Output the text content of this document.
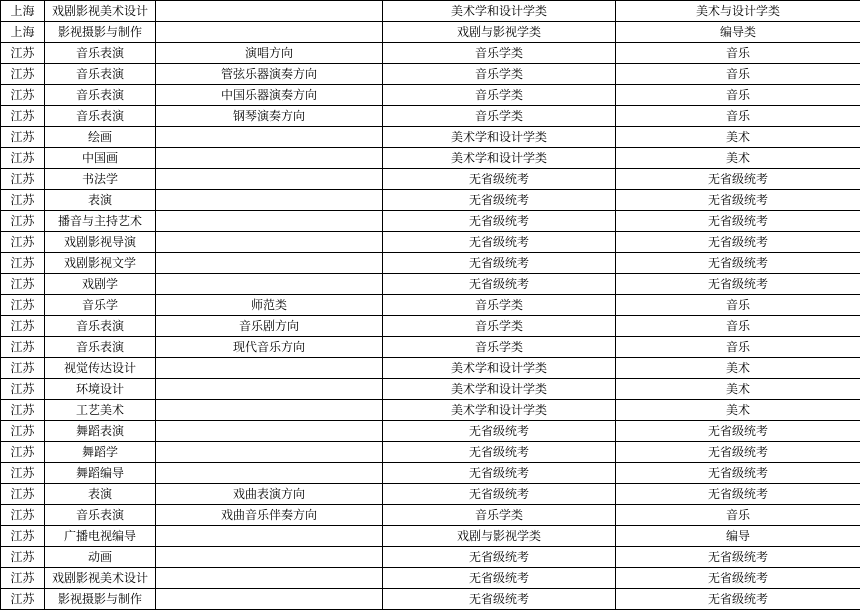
上海	戏剧影视美术设计		美术学和设计学类	美术与设计学类
上海	影视摄影与制作		戏剧与影视学类	编导类
江苏	音乐表演	演唱方向	音乐学类	音乐
江苏	音乐表演	管弦乐器演奏方向	音乐学类	音乐
江苏	音乐表演	中国乐器演奏方向	音乐学类	音乐
江苏	音乐表演	钢琴演奏方向	音乐学类	音乐
江苏	绘画		美术学和设计学类	美术
江苏	中国画		美术学和设计学类	美术
江苏	书法学		无省级统考	无省级统考
江苏	表演		无省级统考	无省级统考
江苏	播音与主持艺术		无省级统考	无省级统考
江苏	戏剧影视导演		无省级统考	无省级统考
江苏	戏剧影视文学		无省级统考	无省级统考
江苏	戏剧学		无省级统考	无省级统考
江苏	音乐学	师范类	音乐学类	音乐
江苏	音乐表演	音乐剧方向	音乐学类	音乐
江苏	音乐表演	现代音乐方向	音乐学类	音乐
江苏	视觉传达设计		美术学和设计学类	美术
江苏	环境设计		美术学和设计学类	美术
江苏	工艺美术		美术学和设计学类	美术
江苏	舞蹈表演		无省级统考	无省级统考
江苏	舞蹈学		无省级统考	无省级统考
江苏	舞蹈编导		无省级统考	无省级统考
江苏	表演	戏曲表演方向	无省级统考	无省级统考
江苏	音乐表演	戏曲音乐伴奏方向	音乐学类	音乐
江苏	广播电视编导		戏剧与影视学类	编导
江苏	动画		无省级统考	无省级统考
江苏	戏剧影视美术设计		无省级统考	无省级统考
江苏	影视摄影与制作		无省级统考	无省级统考
